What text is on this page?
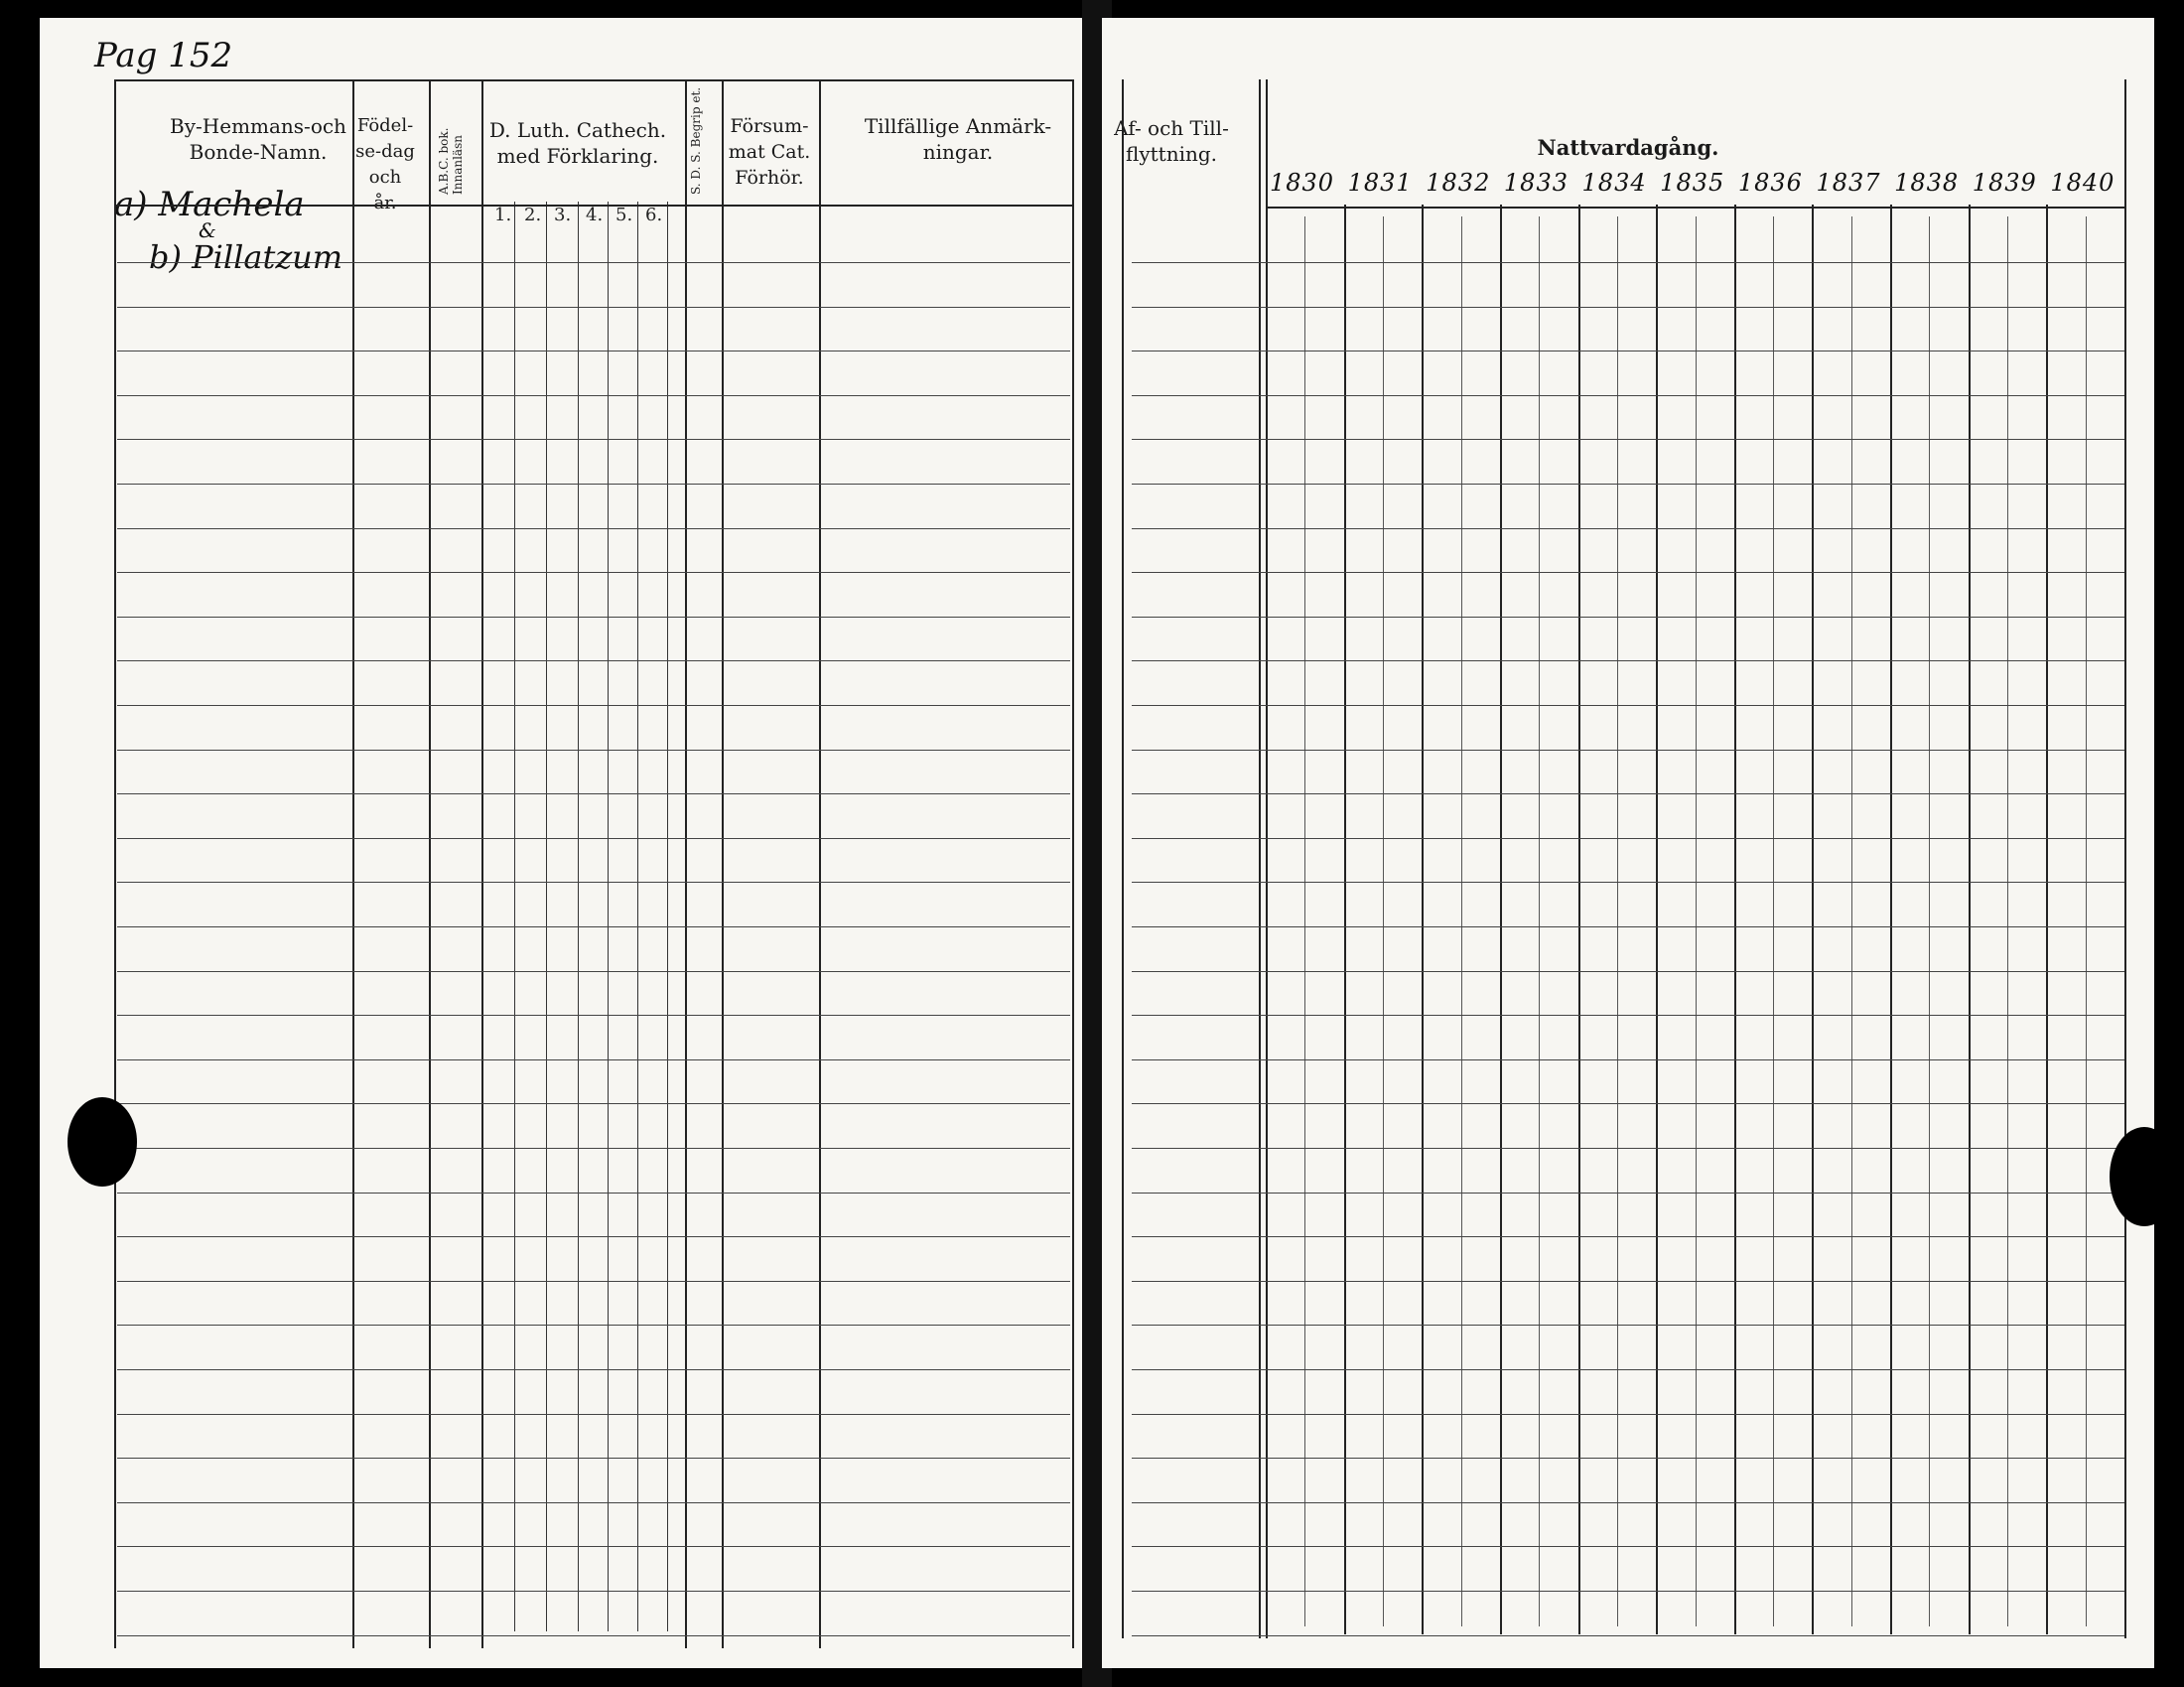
Pag 152
By-Hemmans-och Bonde-Namn.
Födel-se-dag och år.
A.B.C. bok. Innanläsn
D. Luth. Cathech. med Förklaring.	S. D. S. Begrip et. Försum-mat Cat. Förhör.
Tillfällige Anmärk-ningar.
1. 2. 3. 4. 5. 6.
a) Machela
&
b) Pillatzum
Af- och Till-flyttning.	Nattvardagång.
1830 1831 1832 1833 1834 1835 1836 1837 1838 1839 1840
